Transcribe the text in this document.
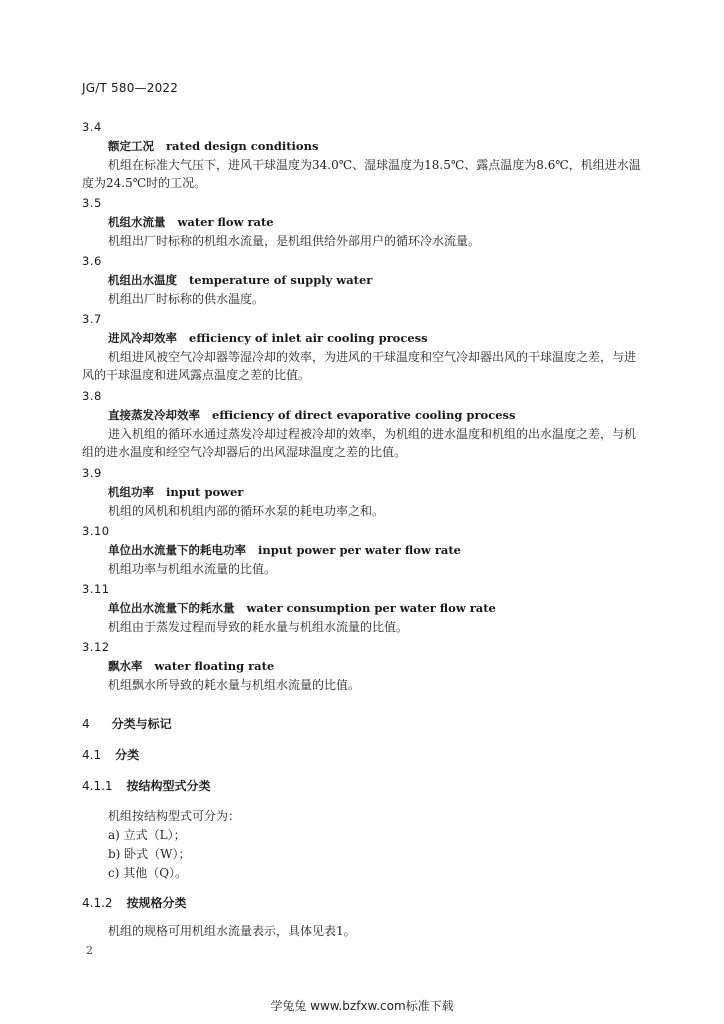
JG/T 580—2022
3.4
额定工况 rated design conditions

机组在标准大气压下，进风干球温度为34.0℃、湿球温度为18.5℃、露点温度为8.6℃，机组进水温度为24.5℃时的工况。

3.5
机组水流量 water flow rate

机组出厂时标称的机组水流量，是机组供给外部用户的循环冷水流量。

3.6
机组出水温度 temperature of supply water

机组出厂时标称的供水温度。

3.7
进风冷却效率 efficiency of inlet air cooling process

机组进风被空气冷却器等湿冷却的效率，为进风的干球温度和空气冷却器出风的干球温度之差，与进风的干球温度和进风露点温度之差的比值。

3.8
直接蒸发冷却效率 efficiency of direct evaporative cooling process

进入机组的循环水通过蒸发冷却过程被冷却的效率，为机组的进水温度和机组的出水温度之差，与机组的进水温度和经空气冷却器后的出风湿球温度之差的比值。

3.9
机组功率 input power

机组的风机和机组内部的循环水泵的耗电功率之和。

3.10
单位出水流量下的耗电功率 input power per water flow rate

机组功率与机组水流量的比值。

3.11
单位出水流量下的耗水量 water consumption per water flow rate

机组由于蒸发过程而导致的耗水量与机组水流量的比值。

3.12
飘水率 water floating rate

机组飘水所导致的耗水量与机组水流量的比值。

4 分类与标记
4.1 分类
4.1.1 按结构型式分类
机组按结构型式可分为：
a) 立式（L）；
b) 卧式（W）；
c) 其他（Q）。
4.1.2 按规格分类
机组的规格可用机组水流量表示，具体见表1。
2
学兔兔 www.bzfxw.com标准下载
